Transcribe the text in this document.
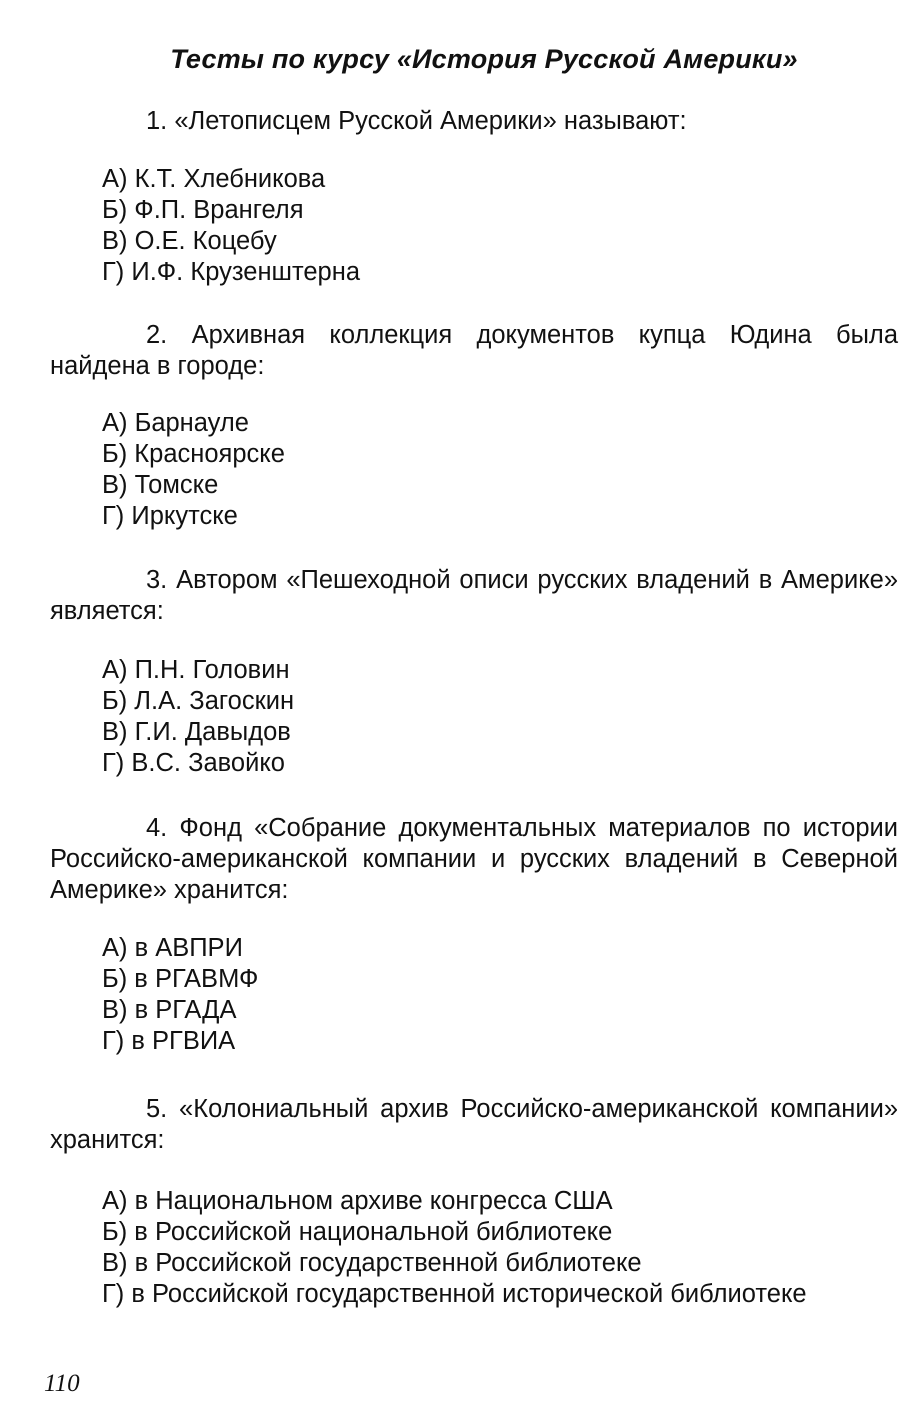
Тесты по курсу «История Русской Америки»
1. «Летописцем Русской Америки» называют:
А) К.Т. Хлебникова
Б) Ф.П. Врангеля
В) О.Е. Коцебу
Г) И.Ф. Крузенштерна
2. Архивная коллекция документов купца Юдина была найдена в городе:
А) Барнауле
Б) Красноярске
В) Томске
Г) Иркутске
3. Автором «Пешеходной описи русских владений в Америке» является:
А) П.Н. Головин
Б) Л.А. Загоскин
В) Г.И. Давыдов
Г) В.С. Завойко
4. Фонд «Собрание документальных материалов по истории Российско-американской компании и русских владений в Северной Америке» хранится:
А) в АВПРИ
Б) в РГАВМФ
В) в РГАДА
Г) в РГВИА
5. «Колониальный архив Российско-американской компании» хранится:
А) в Национальном архиве конгресса США
Б) в Российской национальной библиотеке
В) в Российской государственной библиотеке
Г) в Российской государственной исторической библиотеке
110
